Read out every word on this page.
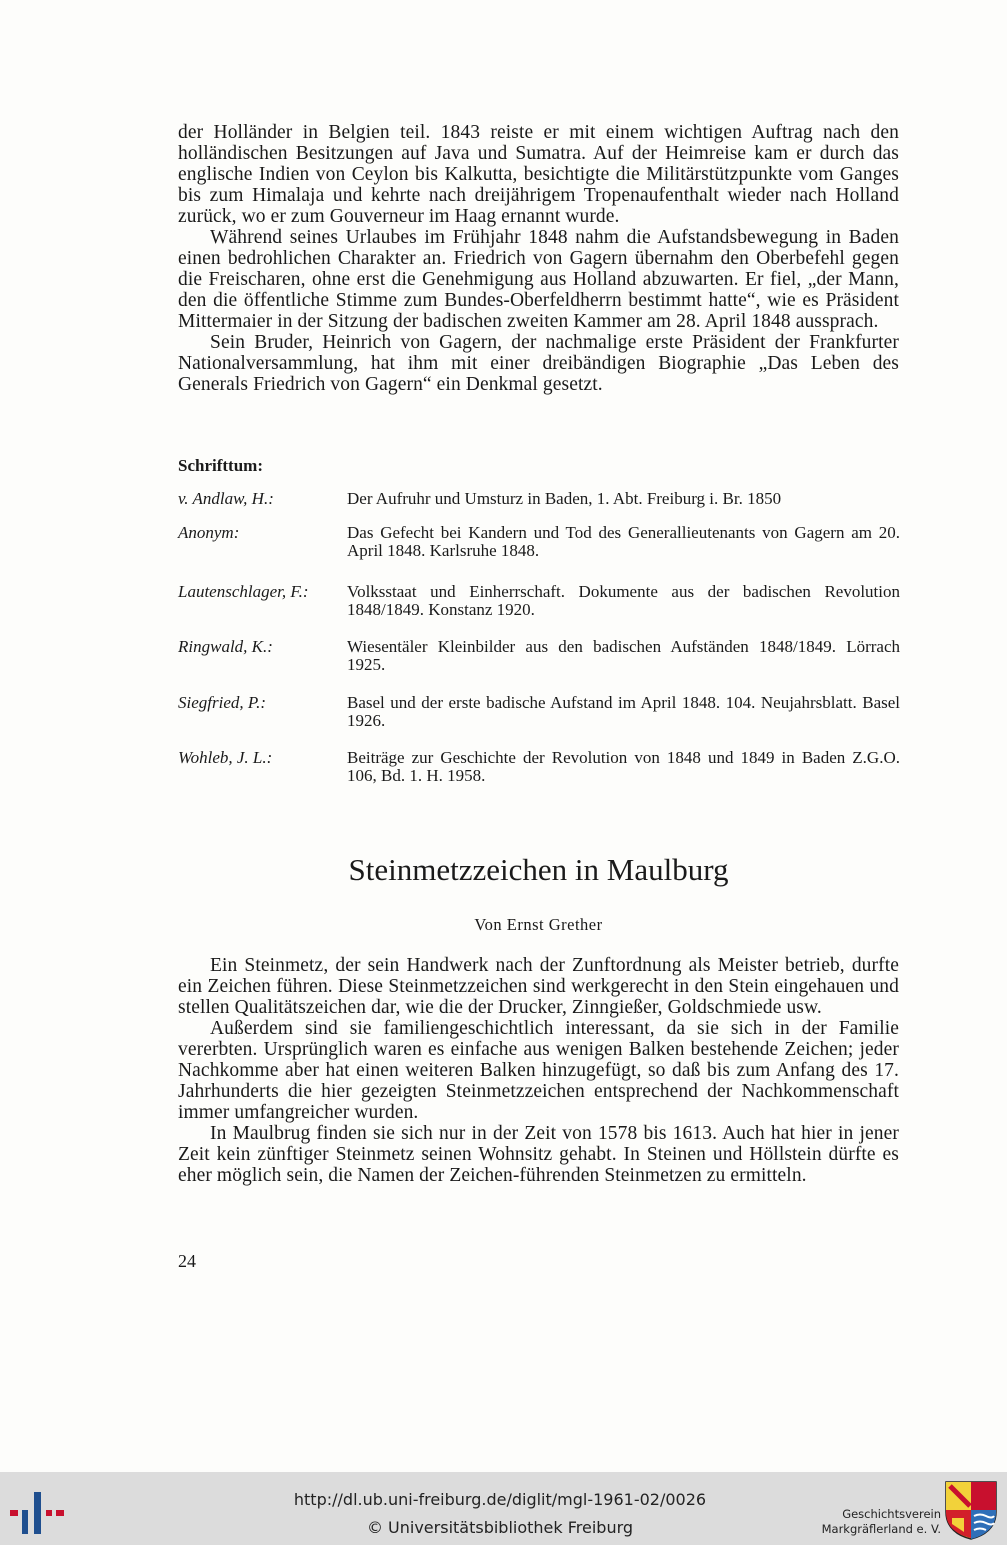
der Holländer in Belgien teil. 1843 reiste er mit einem wichtigen Auftrag nach den holländischen Besitzungen auf Java und Sumatra. Auf der Heimreise kam er durch das englische Indien von Ceylon bis Kalkutta, besichtigte die Militärstützpunkte vom Ganges bis zum Himalaja und kehrte nach dreijährigem Tropenaufenthalt wieder nach Holland zurück, wo er zum Gouverneur im Haag ernannt wurde.

Während seines Urlaubes im Frühjahr 1848 nahm die Aufstandsbewegung in Baden einen bedrohlichen Charakter an. Friedrich von Gagern übernahm den Oberbefehl gegen die Freischaren, ohne erst die Genehmigung aus Holland abzuwarten. Er fiel, „der Mann, den die öffentliche Stimme zum Bundes-Oberfeldherrn bestimmt hatte“, wie es Präsident Mittermaier in der Sitzung der badischen zweiten Kammer am 28. April 1848 aussprach.

Sein Bruder, Heinrich von Gagern, der nachmalige erste Präsident der Frankfurter Nationalversammlung, hat ihm mit einer dreibändigen Biographie „Das Leben des Generals Friedrich von Gagern“ ein Denkmal gesetzt.

Schrifttum:
v. Andlaw, H.:	Der Aufruhr und Umsturz in Baden, 1. Abt. Freiburg i. Br. 1850
Anonym:	Das Gefecht bei Kandern und Tod des Generallieutenants von Gagern am 20. April 1848. Karlsruhe 1848.
Lautenschlager, F.:	Volksstaat und Einherrschaft. Dokumente aus der badischen Revolution 1848/1849. Konstanz 1920.
Ringwald, K.:	Wiesentäler Kleinbilder aus den badischen Aufständen 1848/1849. Lörrach 1925.
Siegfried, P.:	Basel und der erste badische Aufstand im April 1848. 104. Neujahrsblatt. Basel 1926.
Wohleb, J. L.:	Beiträge zur Geschichte der Revolution von 1848 und 1849 in Baden Z.G.O. 106, Bd. 1. H. 1958.
Steinmetzzeichen in Maulburg
Von Ernst Grether

Ein Steinmetz, der sein Handwerk nach der Zunftordnung als Meister betrieb, durfte ein Zeichen führen. Diese Steinmetzzeichen sind werkgerecht in den Stein eingehauen und stellen Qualitätszeichen dar, wie die der Drucker, Zinngießer, Goldschmiede usw.

Außerdem sind sie familiengeschichtlich interessant, da sie sich in der Familie vererbten. Ursprünglich waren es einfache aus wenigen Balken bestehende Zeichen; jeder Nachkomme aber hat einen weiteren Balken hinzugefügt, so daß bis zum Anfang des 17. Jahrhunderts die hier gezeigten Steinmetzzeichen entsprechend der Nachkommenschaft immer umfangreicher wurden.

In Maulbrug finden sie sich nur in der Zeit von 1578 bis 1613. Auch hat hier in jener Zeit kein zünftiger Steinmetz seinen Wohnsitz gehabt. In Steinen und Höllstein dürfte es eher möglich sein, die Namen der Zeichen-führenden Steinmetzen zu ermitteln.

24
http://dl.ub.uni-freiburg.de/diglit/mgl-1961-02/0026
© Universitätsbibliothek Freiburg
Geschichtsverein
Markgräflerland e. V.
